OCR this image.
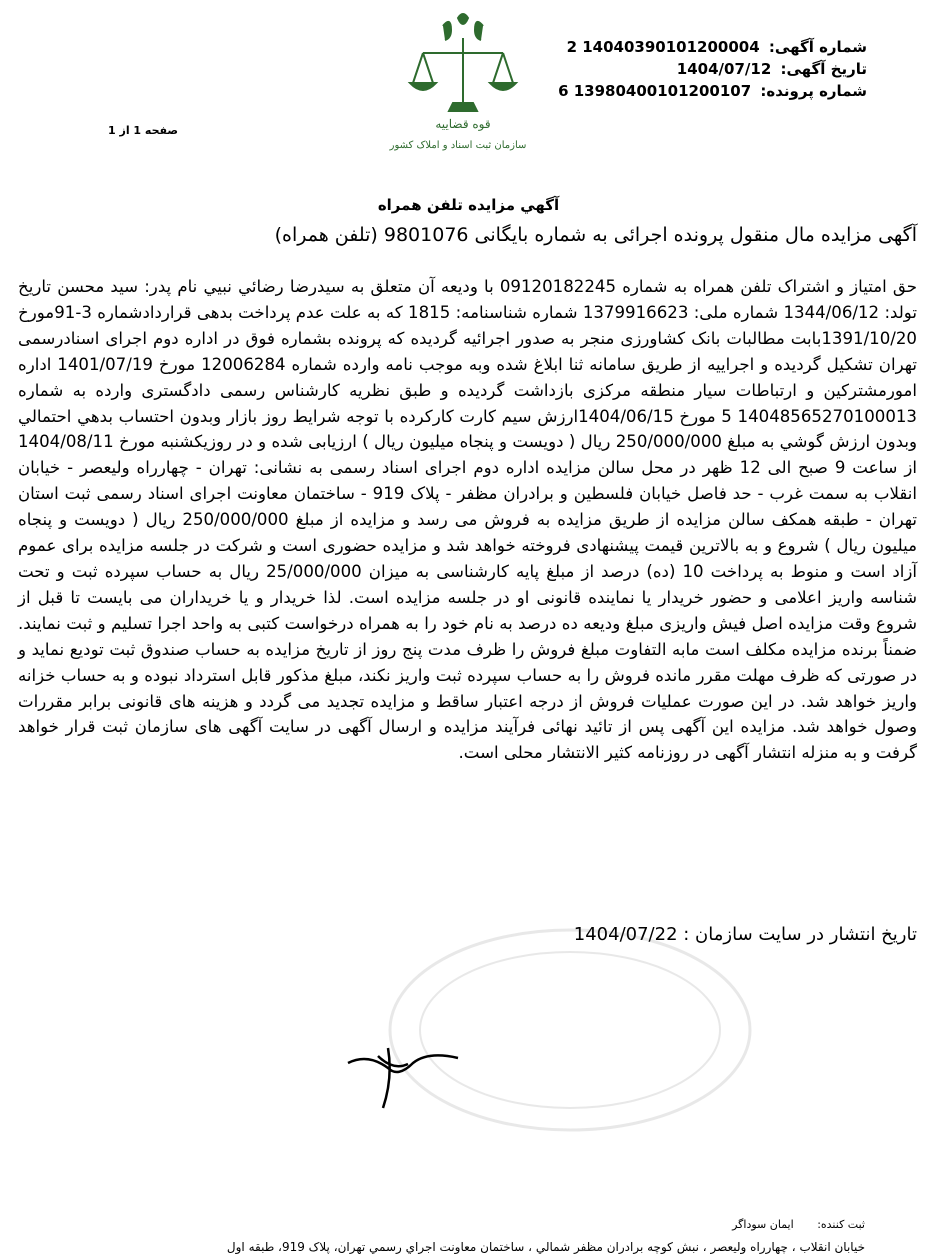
شماره آگهی: 14040390101200004 2
تاریخ آگهی: 1404/07/12
شماره پرونده: 13980400101200107 6
صفحه 1 از 1	قوه قضاییه
سازمان ثبت اسناد و املاک کشور
آگهي مزايده تلفن همراه
آگهی مزایده مال منقول پرونده اجرائی به شماره بایگانی 9801076 (تلفن همراه)

حق امتیاز و اشتراک تلفن همراه به شماره 09120182245 با ودیعه آن متعلق به سیدرضا رضائي نبيي نام پدر: سید محسن تاریخ تولد: 1344/06/12 شماره ملی: 1379916623 شماره شناسنامه: 1815 که به علت عدم پرداخت بدهی قراردادشماره 3-91مورخ 1391/10/20بابت مطالبات بانک کشاورزی منجر به صدور اجرائیه گردیده که پرونده بشماره فوق در اداره دوم اجرای اسنادرسمی تهران تشکیل گردیده و اجراییه از طریق سامانه ثنا ابلاغ شده وبه موجب نامه وارده شماره 12006284 مورخ 1401/07/19 اداره امورمشترکین و ارتباطات سیار منطقه مرکزی بازداشت گردیده و طبق نظریه کارشناس رسمی دادگستری وارده به شماره 14048565270100013 5 مورخ 1404/06/15ارزش سیم کارت کارکرده با توجه شرایط روز بازار وبدون احتساب بدهي احتمالي وبدون ارزش گوشي به مبلغ 250/000/000 ريال ( دویست و پنجاه میلیون ریال ) ارزیابی شده و در روزیکشنبه مورخ 1404/08/11 از ساعت 9 صبح الی 12 ظهر در محل سالن مزایده اداره دوم اجرای اسناد رسمی به نشانی: تهران - چهارراه ولیعصر - خیابان انقلاب به سمت غرب - حد فاصل خیابان فلسطین و برادران مظفر - پلاک 919 - ساختمان معاونت اجرای اسناد رسمی ثبت استان تهران - طبقه همکف سالن مزایده از طریق مزایده به فروش می رسد و مزایده از مبلغ 250/000/000 ریال ( دویست و پنجاه میلیون ریال ) شروع و به بالاترین قیمت پیشنهادی فروخته خواهد شد و مزایده حضوری است و شرکت در جلسه مزایده برای عموم آزاد است و منوط به پرداخت 10 (ده) درصد از مبلغ پایه کارشناسی به میزان 25/000/000 ریال به حساب سپرده ثبت و تحت شناسه واریز اعلامی و حضور خریدار یا نماینده قانونی او در جلسه مزایده است. لذا خریدار و یا خریداران می بایست تا قبل از شروع وقت مزایده اصل فیش واریزی مبلغ ودیعه ده درصد به نام خود را به همراه درخواست کتبی به واحد اجرا تسلیم و ثبت نمایند. ضمناً برنده مزایده مکلف است مابه التفاوت مبلغ فروش را ظرف مدت پنج روز از تاریخ مزایده به حساب صندوق ثبت تودیع نماید و در صورتی که ظرف مهلت مقرر مانده فروش را به حساب سپرده ثبت واریز نکند، مبلغ مذکور قابل استرداد نبوده و به حساب خزانه واریز خواهد شد. در این صورت عملیات فروش از درجه اعتبار ساقط و مزایده تجدید می گردد و هزینه های قانونی برابر مقررات وصول خواهد شد. مزایده این آگهی پس از تائید نهائی فرآیند مزایده و ارسال آگهی در سایت آگهی های سازمان ثبت قرار خواهد گرفت و به منزله انتشار آگهی در روزنامه کثیر الانتشار محلی است.

تاریخ انتشار در سایت سازمان : 1404/07/22
ثبت کننده: ایمان سوداگر
خيابان انقلاب ، چهارراه وليعصر ، نبش کوچه برادران مظفر شمالي ، ساختمان معاونت اجراي رسمي تهران، پلاک 919، طبقه اول
